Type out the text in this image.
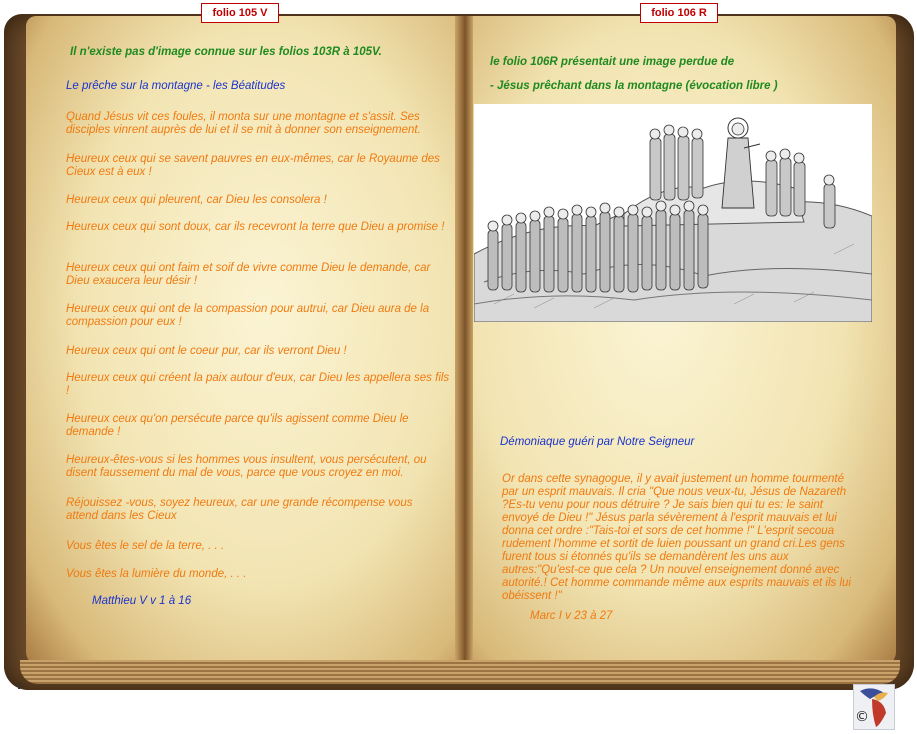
folio 105 V	folio 106 R
Il n'existe pas d'image connue sur les folios 103R à 105V.
Le prêche sur la montagne - les Béatitudes
Quand Jésus vit ces foules, il monta sur une montagne et s'assit. Ses disciples vinrent auprès de lui et il se mit à donner son enseignement.
Heureux ceux qui se savent pauvres en eux-mêmes, car le Royaume des Cieux est à eux !
Heureux ceux qui pleurent, car Dieu les consolera !
Heureux ceux qui sont doux, car ils recevront la terre que Dieu a promise !
Heureux ceux qui ont faim et soif de vivre comme Dieu le demande, car Dieu exaucera leur désir !
Heureux ceux qui ont de la compassion pour autrui, car Dieu aura de la compassion pour eux !
Heureux ceux qui ont le coeur pur, car ils verront Dieu !
Heureux ceux qui créent la paix autour d'eux, car Dieu les appellera ses fils !
Heureux ceux qu'on persécute parce qu'ils agissent comme Dieu le demande !
Heureux-êtes-vous si les hommes vous insultent, vous persécutent, ou disent faussement du mal de vous, parce que vous croyez en moi.
Réjouissez -vous, soyez heureux, car une grande récompense vous attend dans les Cieux
Vous êtes le sel de la terre, . . .
Vous êtes la lumière du monde, . . .
Matthieu V v 1 à 16
le folio 106R présentait une image perdue de
- Jésus prêchant dans la montagne (évocation libre )
Démoniaque guéri par Notre Seigneur
Or dans cette synagogue, il y avait justement un homme tourmenté par un esprit mauvais. Il cria "Que nous veux-tu, Jésus de Nazareth ?Es-tu venu pour nous détruire ? Je sais bien qui tu es: le saint envoyé de Dieu !" Jésus parla sévèrement à l'esprit mauvais et lui donna cet ordre :"Tais-toi et sors de cet homme !" L'esprit secoua rudement l'homme et sortit de luien poussant un grand cri.Les gens furent tous si étonnés qu'ils se demandèrent les uns aux autres:"Qu'est-ce que cela ? Un nouvel enseignement donné avec autorité.! Cet homme commande même aux esprits mauvais et ils lui obéissent !"
Marc I v 23 à 27
©
